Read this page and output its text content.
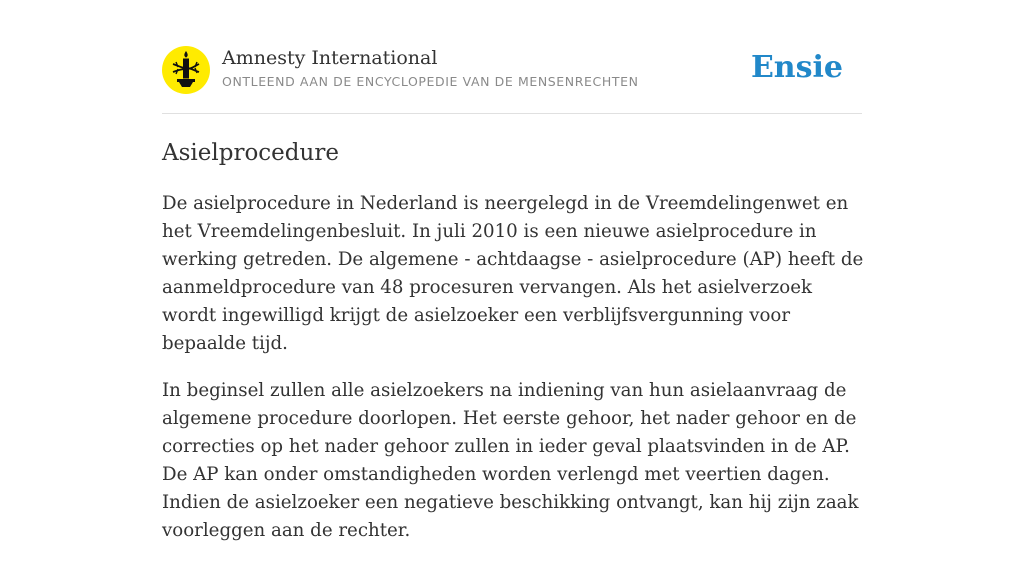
Amnesty International
ONTLEEND AAN DE ENCYCLOPEDIE VAN DE MENSENRECHTEN	Ensie
Asielprocedure

De asielprocedure in Nederland is neergelegd in de Vreemdelingenwet en het Vreemdelingenbesluit. In juli 2010 is een nieuwe asielprocedure in werking getreden. De algemene - achtdaagse - asielprocedure (AP) heeft de aanmeldprocedure van 48 procesuren vervangen. Als het asielverzoek wordt ingewilligd krijgt de asielzoeker een verblijfsvergunning voor bepaalde tijd.

In beginsel zullen alle asielzoekers na indiening van hun asielaanvraag de algemene procedure doorlopen. Het eerste gehoor, het nader gehoor en de correcties op het nader gehoor zullen in ieder geval plaatsvinden in de AP. De AP kan onder omstandigheden worden verlengd met veertien dagen. Indien de asielzoeker een negatieve beschikking ontvangt, kan hij zijn zaak voorleggen aan de rechter.
